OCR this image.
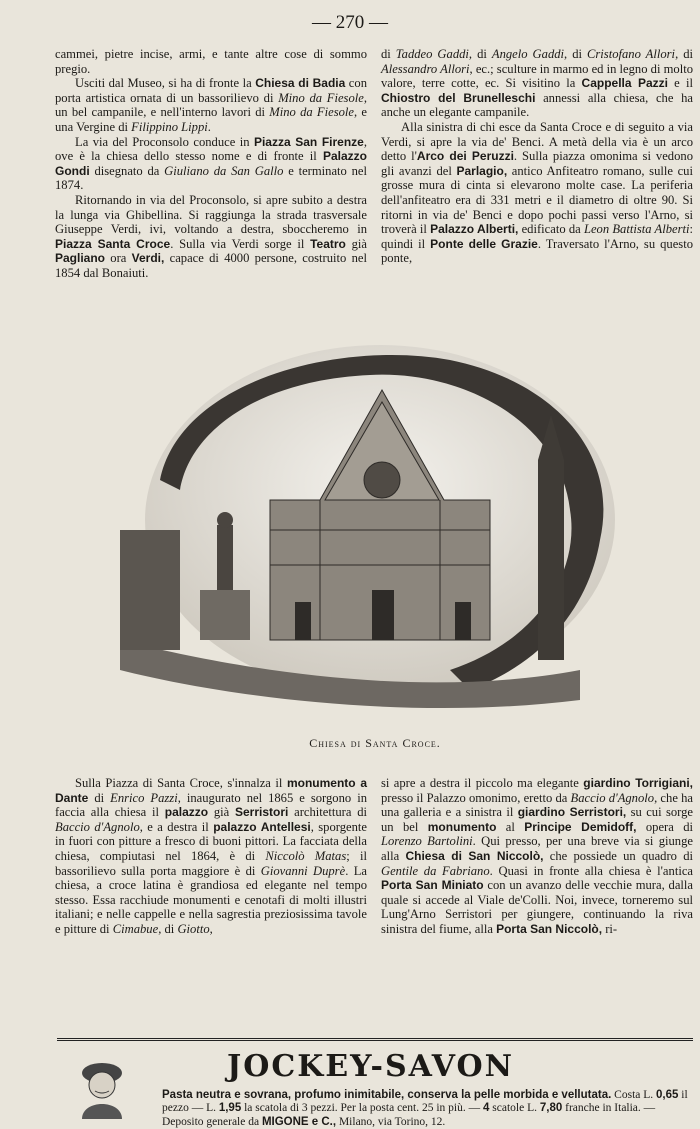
— 270 —

cammei, pietre incise, armi, e tante altre cose di sommo pregio.

Usciti dal Museo, si ha di fronte la Chiesa di Badia con porta artistica ornata di un bassorilievo di Mino da Fiesole, un bel campanile, e nell'interno lavori di Mino da Fiesole, e una Vergine di Filippino Lippi.

La via del Proconsolo conduce in Piazza San Firenze, ove è la chiesa dello stesso nome e di fronte il Palazzo Gondi disegnato da Giuliano da San Gallo e terminato nel 1874.

Ritornando in via del Proconsolo, si apre subito a destra la lunga via Ghibellina. Si raggiunga la strada trasversale Giuseppe Verdi, ivi, voltando a destra, sboccheremo in Piazza Santa Croce. Sulla via Verdi sorge il Teatro già Pagliano ora Verdi, capace di 4000 persone, costruito nel 1854 dal Bonaiuti.

di Taddeo Gaddi, di Angelo Gaddi, di Cristofano Allori, di Alessandro Allori, ec.; sculture in marmo ed in legno di molto valore, terre cotte, ec. Si visitino la Cappella Pazzi e il Chiostro del Brunelleschi annessi alla chiesa, che ha anche un elegante campanile.

Alla sinistra di chi esce da Santa Croce e di seguito a via Verdi, si apre la via de' Benci. A metà della via è un arco detto l'Arco dei Peruzzi. Sulla piazza omonima si vedono gli avanzi del Parlagio, antico Anfiteatro romano, sulle cui grosse mura di cinta si elevarono molte case. La periferia dell'anfiteatro era di 331 metri e il diametro di oltre 90. Si ritorni in via de' Benci e dopo pochi passi verso l'Arno, si troverà il Palazzo Alberti, edificato da Leon Battista Alberti: quindi il Ponte delle Grazie. Traversato l'Arno, su questo ponte,

Chiesa di Santa Croce.

Sulla Piazza di Santa Croce, s'innalza il monumento a Dante di Enrico Pazzi, inaugurato nel 1865 e sorgono in faccia alla chiesa il palazzo già Serristori architettura di Baccio d'Agnolo, e a destra il palazzo Antellesi, sporgente in fuori con pitture a fresco di buoni pittori. La facciata della chiesa, compiutasi nel 1864, è di Niccolò Matas; il bassorilievo sulla porta maggiore è di Giovanni Duprè. La chiesa, a croce latina è grandiosa ed elegante nel tempo stesso. Essa racchiude monumenti e cenotafi di molti illustri italiani; e nelle cappelle e nella sagrestia preziosissima tavole e pitture di Cimabue, di Giotto,

si apre a destra il piccolo ma elegante giardino Torrigiani, presso il Palazzo omonimo, eretto da Baccio d'Agnolo, che ha una galleria e a sinistra il giardino Serristori, su cui sorge un bel monumento al Principe Demidoff, opera di Lorenzo Bartolini. Qui presso, per una breve via si giunge alla Chiesa di San Niccolò, che possiede un quadro di Gentile da Fabriano. Quasi in fronte alla chiesa è l'antica Porta San Miniato con un avanzo delle vecchie mura, dalla quale si accede al Viale de'Colli. Noi, invece, torneremo sul Lung'Arno Serristori per giungere, continuando la riva sinistra del fiume, alla Porta San Niccolò, ri-

JOCKEY-SAVON
Pasta neutra e sovrana, profumo inimitabile, conserva la pelle morbida e vellutata. Costa L. 0,65 il pezzo — L. 1,95 la scatola di 3 pezzi. Per la posta cent. 25 in più. — 4 scatole L. 7,80 franche in Italia. — Deposito generale da MIGONE e C., Milano, via Torino, 12.
